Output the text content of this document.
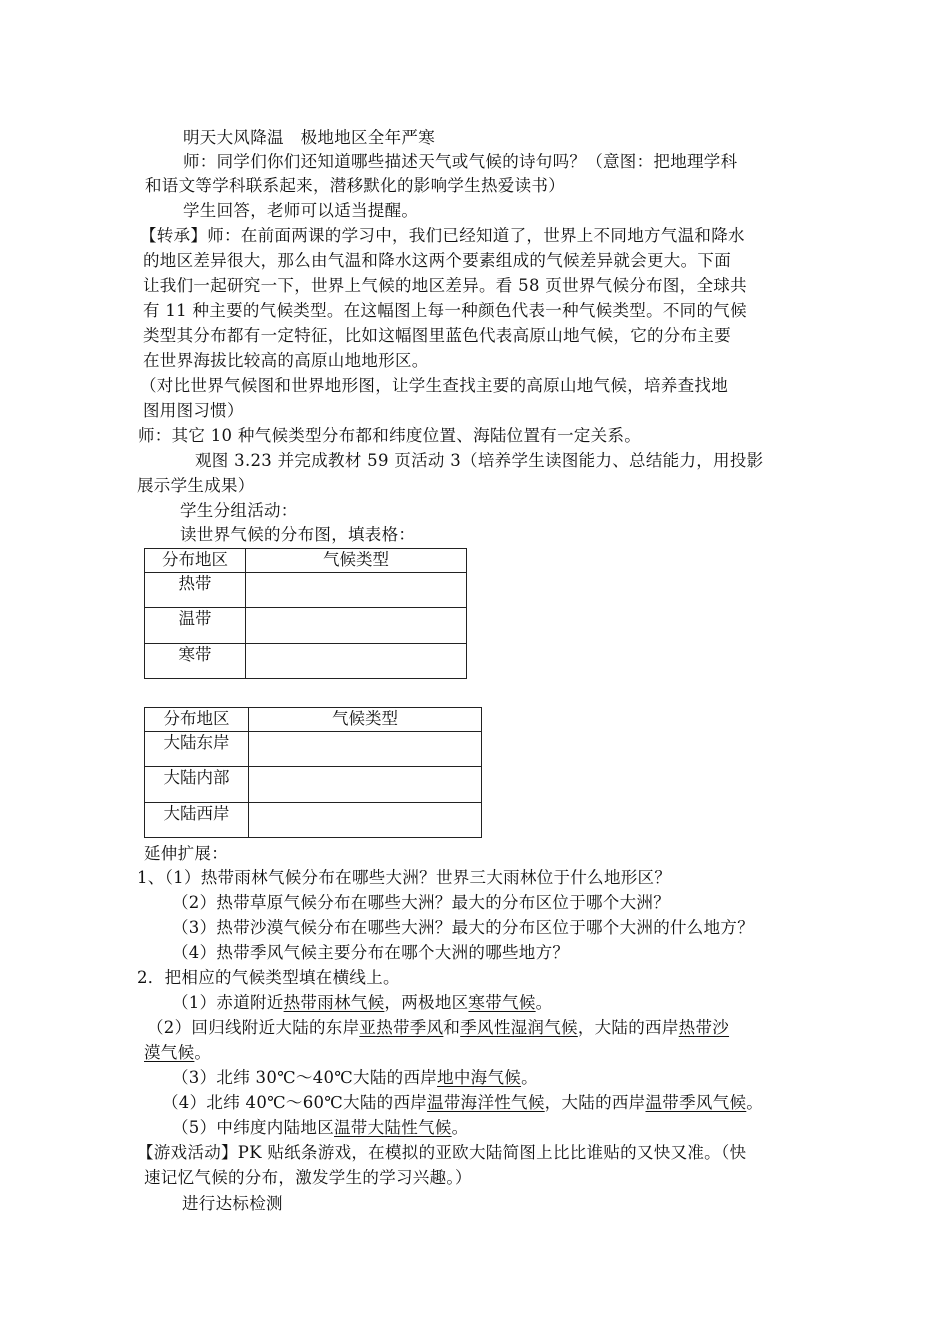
明天大风降温　极地地区全年严寒
师：同学们你们还知道哪些描述天气或气候的诗句吗？（意图：把地理学科
和语文等学科联系起来，潜移默化的影响学生热爱读书）
学生回答，老师可以适当提醒。
【转承】师：在前面两课的学习中，我们已经知道了，世界上不同地方气温和降水
的地区差异很大，那么由气温和降水这两个要素组成的气候差异就会更大。下面
让我们一起研究一下，世界上气候的地区差异。看 58 页世界气候分布图，全球共
有 11 种主要的气候类型。在这幅图上每一种颜色代表一种气候类型。不同的气候
类型其分布都有一定特征，比如这幅图里蓝色代表高原山地气候，它的分布主要
在世界海拔比较高的高原山地地形区。
（对比世界气候图和世界地形图，让学生查找主要的高原山地气候，培养查找地
图用图习惯）
师：其它 10 种气候类型分布都和纬度位置、海陆位置有一定关系。
观图 3.23 并完成教材 59 页活动 3（培养学生读图能力、总结能力，用投影
展示学生成果）
学生分组活动：
读世界气候的分布图，填表格：
分布地区	气候类型
热带	
温带	
寒带	
分布地区	气候类型
大陆东岸	
大陆内部	
大陆西岸	
延伸扩展：
1、（1）热带雨林气候分布在哪些大洲？世界三大雨林位于什么地形区？
（2）热带草原气候分布在哪些大洲？最大的分布区位于哪个大洲？
（3）热带沙漠气候分布在哪些大洲？最大的分布区位于哪个大洲的什么地方？
（4）热带季风气候主要分布在哪个大洲的哪些地方？
2．把相应的气候类型填在横线上。
（1）赤道附近热带雨林气候，两极地区寒带气候。
（2）回归线附近大陆的东岸亚热带季风和季风性湿润气候，大陆的西岸热带沙
漠气候。
（3）北纬 30℃～40℃大陆的西岸地中海气候。
（4）北纬 40℃～60℃大陆的西岸温带海洋性气候，大陆的西岸温带季风气候。
（5）中纬度内陆地区温带大陆性气候。
【游戏活动】PK 贴纸条游戏，在模拟的亚欧大陆简图上比比谁贴的又快又准。（快
速记忆气候的分布，激发学生的学习兴趣。）
进行达标检测
